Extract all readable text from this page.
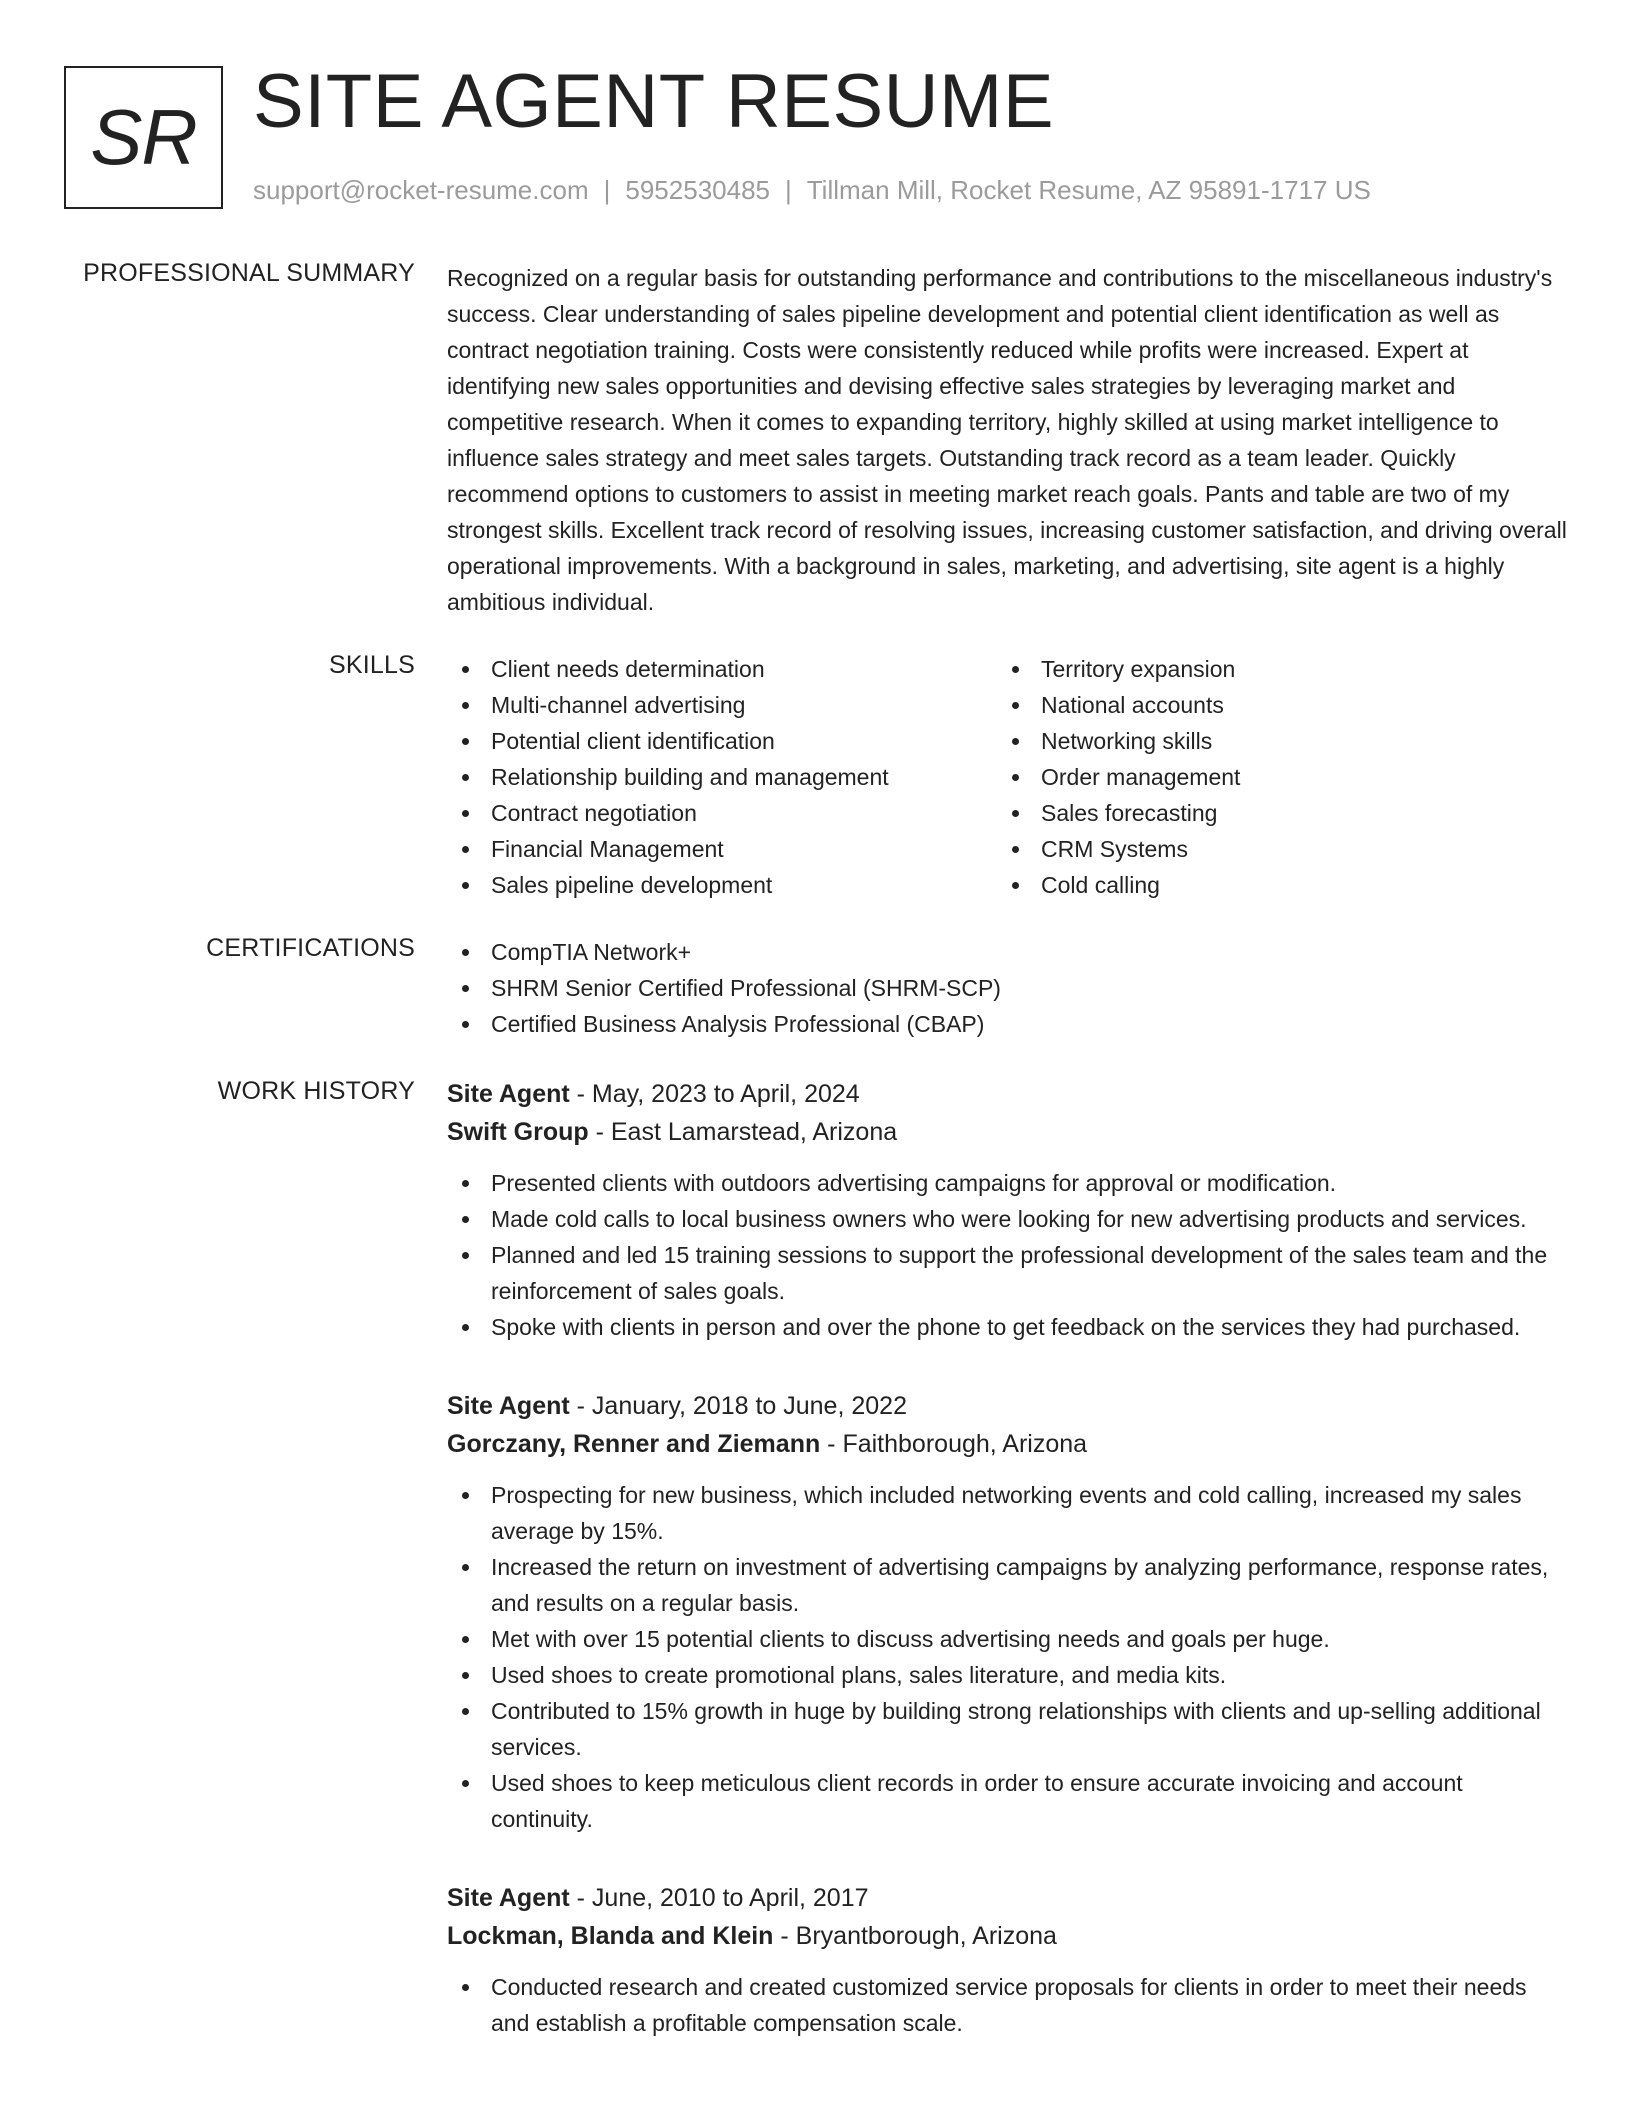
SR SITE AGENT RESUME
support@rocket-resume.com | 5952530485 | Tillman Mill, Rocket Resume, AZ 95891-1717 US
PROFESSIONAL SUMMARY Recognized on a regular basis for outstanding performance and contributions to the miscellaneous industry's success. Clear understanding of sales pipeline development and potential client identification as well as contract negotiation training. Costs were consistently reduced while profits were increased. Expert at identifying new sales opportunities and devising effective sales strategies by leveraging market and competitive research. When it comes to expanding territory, highly skilled at using market intelligence to influence sales strategy and meet sales targets. Outstanding track record as a team leader. Quickly recommend options to customers to assist in meeting market reach goals. Pants and table are two of my strongest skills. Excellent track record of resolving issues, increasing customer satisfaction, and driving overall operational improvements. With a background in sales, marketing, and advertising, site agent is a highly ambitious individual.

SKILLS	Client needs determination
Multi-channel advertising
Potential client identification
Relationship building and management
Contract negotiation
Financial Management
Sales pipeline development
Territory expansion
National accounts
Networking skills
Order management
Sales forecasting
CRM Systems
Cold calling
CERTIFICATIONS	CompTIA Network+
SHRM Senior Certified Professional (SHRM-SCP)
Certified Business Analysis Professional (CBAP)
WORK HISTORY Site Agent - May, 2023 to April, 2024
Swift Group - East Lamarstead, Arizona
Presented clients with outdoors advertising campaigns for approval or modification.
Made cold calls to local business owners who were looking for new advertising products and services.
Planned and led 15 training sessions to support the professional development of the sales team and the reinforcement of sales goals.
Spoke with clients in person and over the phone to get feedback on the services they had purchased.
Site Agent - January, 2018 to June, 2022
Gorczany, Renner and Ziemann - Faithborough, Arizona
Prospecting for new business, which included networking events and cold calling, increased my sales average by 15%.
Increased the return on investment of advertising campaigns by analyzing performance, response rates, and results on a regular basis.
Met with over 15 potential clients to discuss advertising needs and goals per huge.
Used shoes to create promotional plans, sales literature, and media kits.
Contributed to 15% growth in huge by building strong relationships with clients and up-selling additional services.
Used shoes to keep meticulous client records in order to ensure accurate invoicing and account continuity.
Site Agent - June, 2010 to April, 2017
Lockman, Blanda and Klein - Bryantborough, Arizona
Conducted research and created customized service proposals for clients in order to meet their needs and establish a profitable compensation scale.
